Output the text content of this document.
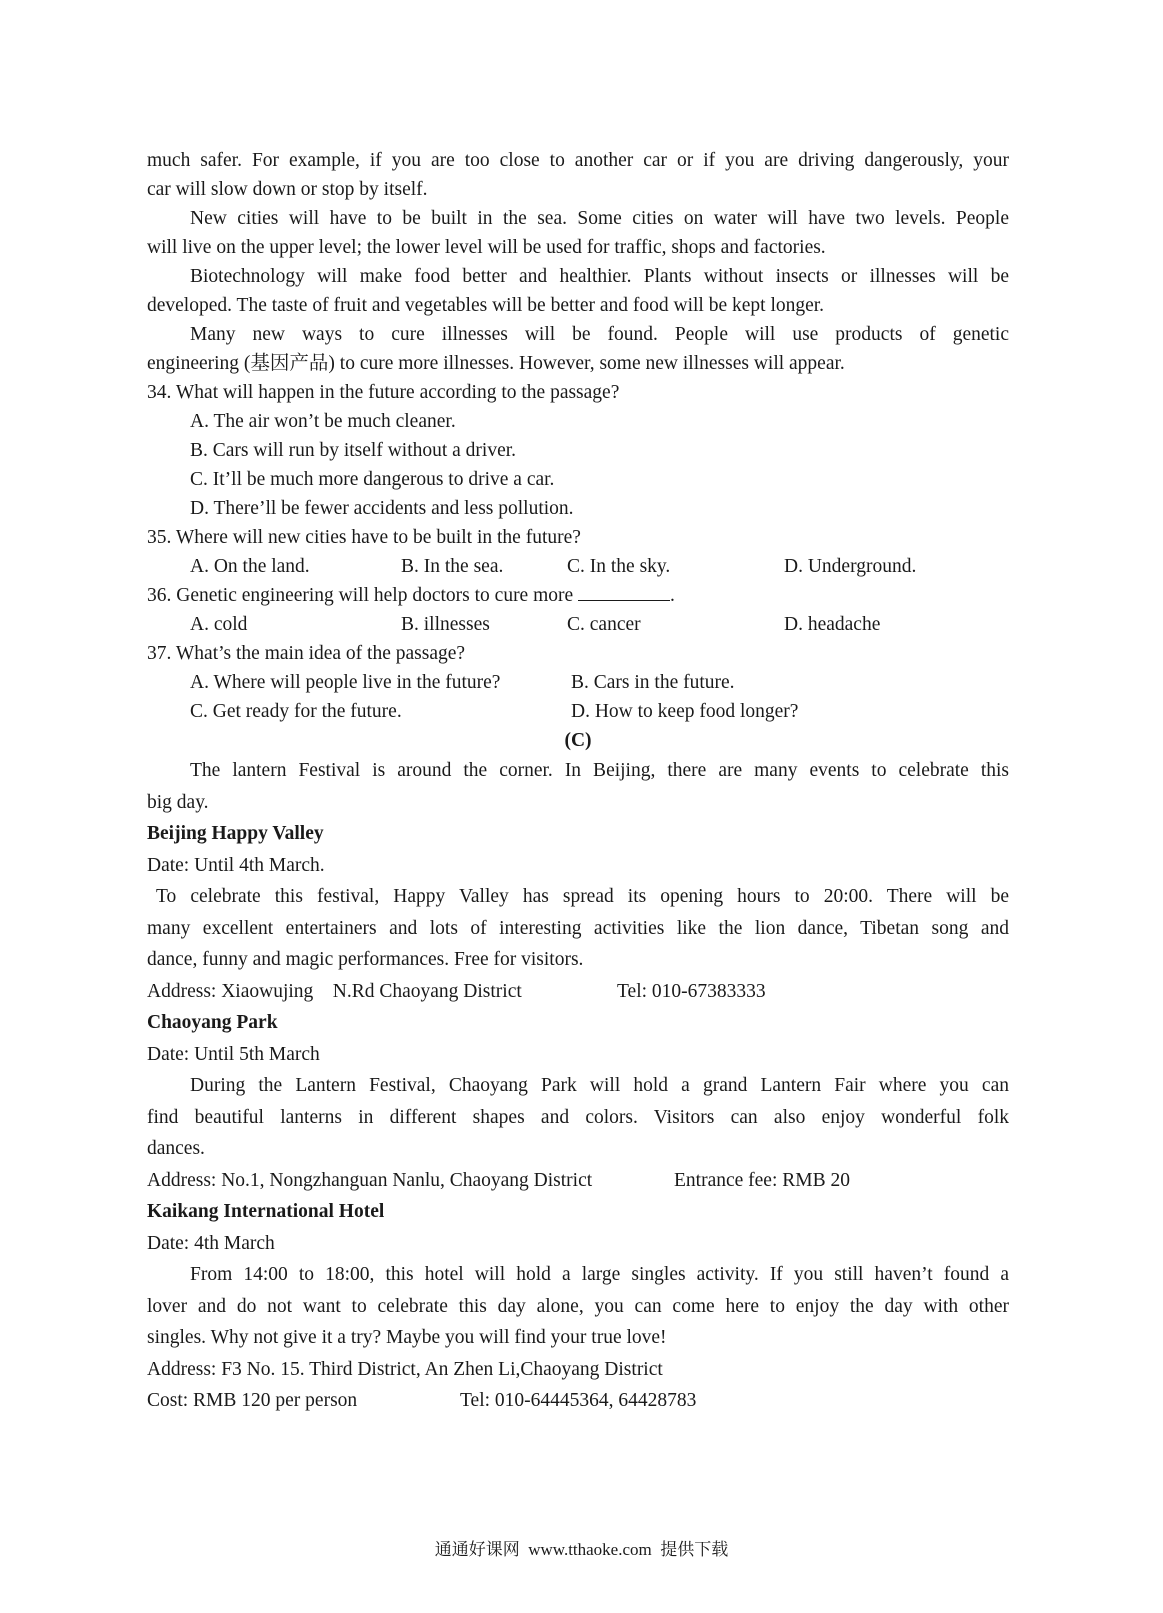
much safer. For example, if you are too close to another car or if you are driving dangerously, your
car will slow down or stop by itself.
New cities will have to be built in the sea. Some cities on water will have two levels. People
will live on the upper level; the lower level will be used for traffic, shops and factories.
Biotechnology will make food better and healthier. Plants without insects or illnesses will be
developed. The taste of fruit and vegetables will be better and food will be kept longer.
Many new ways to cure illnesses will be found. People will use products of genetic
engineering (基因产品) to cure more illnesses. However, some new illnesses will appear.
34. What will happen in the future according to the passage?
A. The air won’t be much cleaner.
B. Cars will run by itself without a driver.
C. It’ll be much more dangerous to drive a car.
D. There’ll be fewer accidents and less pollution.
35. Where will new cities have to be built in the future?
A. On the land.	B. In the sea.	C. In the sky.	D. Underground.
36. Genetic engineering will help doctors to cure more	.
A. cold	B. illnesses	C. cancer	D. headache
37. What’s the main idea of the passage?
A. Where will people live in the future?	B. Cars in the future.
C. Get ready for the future.	D. How to keep food longer?
(C)
The lantern Festival is around the corner. In Beijing, there are many events to celebrate this
big day.
Beijing Happy Valley
Date: Until 4th March.
To celebrate this festival, Happy Valley has spread its opening hours to 20:00. There will be
many excellent entertainers and lots of interesting activities like the lion dance, Tibetan song and
dance, funny and magic performances. Free for visitors.
Address: Xiaowujing    N.Rd Chaoyang District	Tel: 010-67383333
Chaoyang Park
Date: Until 5th March
During the Lantern Festival, Chaoyang Park will hold a grand Lantern Fair where you can
find beautiful lanterns in different shapes and colors. Visitors can also enjoy wonderful folk
dances.
Address: No.1, Nongzhanguan Nanlu, Chaoyang District	Entrance fee: RMB 20
Kaikang International Hotel
Date: 4th March
From 14:00 to 18:00, this hotel will hold a large singles activity. If you still haven’t found a
lover and do not want to celebrate this day alone, you can come here to enjoy the day with other
singles. Why not give it a try? Maybe you will find your true love!
Address: F3 No. 15. Third District, An Zhen Li,Chaoyang District
Cost: RMB 120 per person	Tel: 010-64445364, 64428783
通通好课网  www.tthaoke.com  提供下载
